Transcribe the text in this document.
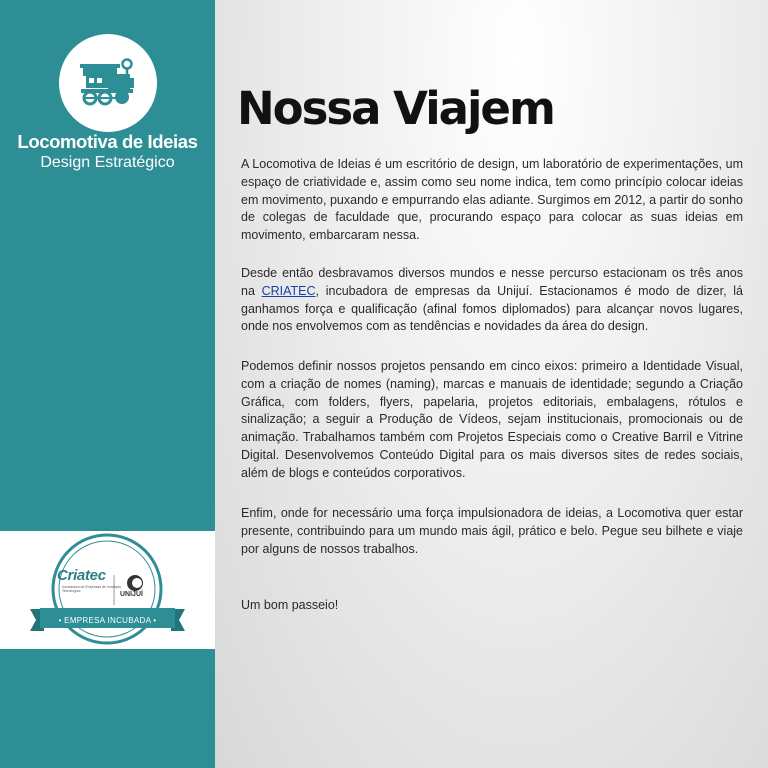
Locomotiva de Ideias
Design Estratégico
Criatec
Incubadora de Empresas de Inovação Tecnológica	UNIJUÍ
• EMPRESA INCUBADA •
Nossa Viajem

A Locomotiva de Ideias é um escritório de design, um laboratório de experimentações, um espaço de criatividade e, assim como seu nome indica, tem como princípio colocar ideias em movimento, puxando e empurrando elas adiante. Surgimos em 2012, a partir do sonho de colegas de faculdade que, procurando espaço para colocar as suas ideias em movimento, embarcaram nessa.

Desde então desbravamos diversos mundos e nesse percurso estacionam os três anos na CRIATEC, incubadora de empresas da Unijuí. Estacionamos é modo de dizer, lá ganhamos força e qualificação (afinal fomos diplomados) para alcançar novos lugares, onde nos envolvemos com as tendências e novidades da área do design.

Podemos definir nossos projetos pensando em cinco eixos: primeiro a Identidade Visual, com a criação de nomes (naming), marcas e manuais de identidade; segundo a Criação Gráfica, com folders, flyers, papelaria, projetos editoriais, embalagens, rótulos e sinalização; a seguir a Produção de Vídeos, sejam institucionais, promocionais ou de animação. Trabalhamos também com Projetos Especiais como o Creative Barril e Vitrine Digital. Desenvolvemos Conteúdo Digital para os mais diversos sites de redes sociais, além de blogs e conteúdos corporativos.

Enfim, onde for necessário uma força impulsionadora de ideias, a Locomotiva quer estar presente, contribuindo para um mundo mais ágil, prático e belo. Pegue seu bilhete e viaje por alguns de nossos trabalhos.

Um bom passeio!
